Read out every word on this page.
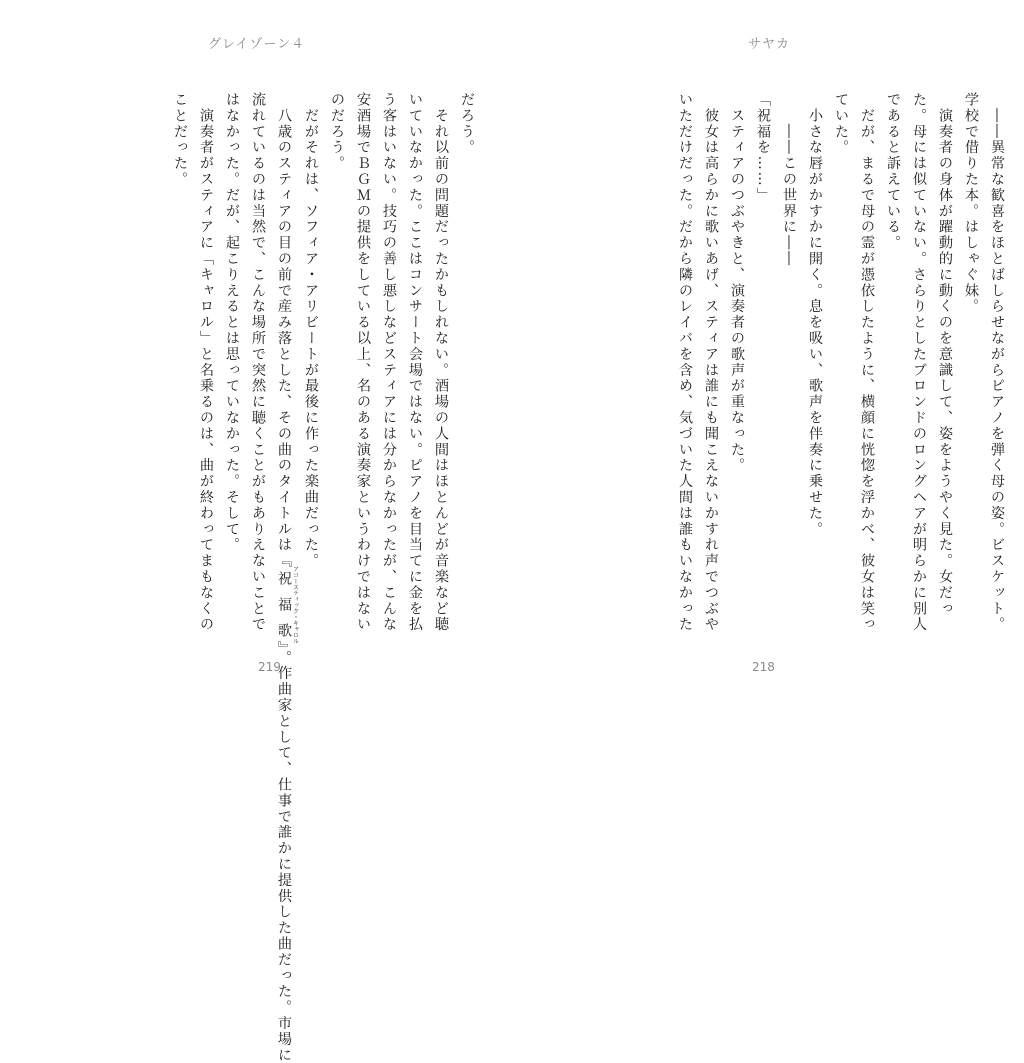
サヤカ

　――異常な歓喜をほとばしらせながらピアノを弾く母の姿。ビスケット。

学校で借りた本。はしゃぐ妹。

　演奏者の身体が躍動的に動くのを意識して、姿をようやく見た。女だっ

た。母には似ていない。さらりとしたブロンドのロングヘアが明らかに別人

であると訴えている。

　だが、まるで母の霊が憑依したように、横顔に恍惚を浮かべ、彼女は笑っ

ていた。

　小さな唇がかすかに開く。息を吸い、歌声を伴奏に乗せた。

　　――この世界に――

「祝福を……」

　スティアのつぶやきと、演奏者の歌声が重なった。

　彼女は高らかに歌いあげ、スティアは誰にも聞こえないかすれ声でつぶや

いただけだった。だから隣のレイバを含め、気づいた人間は誰もいなかった

218
グレイゾーン４

だろう。

　それ以前の問題だったかもしれない。酒場の人間はほとんどが音楽など聴

いていなかった。ここはコンサート会場ではない。ピアノを目当てに金を払

う客はいない。技巧の善し悪しなどスティアには分からなかったが、こんな

安酒場でＢＧＭの提供をしている以上、名のある演奏家というわけではない

のだろう。

　だがそれは、ソフィア・アリビートが最後に作った楽曲だった。

　八歳のスティアの目の前で産み落とした、その曲のタイトルは『祝福歌 アコースティック・キャロル』。作曲家として、仕事で誰かに提供した曲だった。市場に

流れているのは当然で、こんな場所で突然に聴くことがもありえないことで

はなかった。だが、起こりえるとは思っていなかった。そして。

　演奏者がスティアに「キャロル」と名乗るのは、曲が終わってまもなくの

ことだった。

219
